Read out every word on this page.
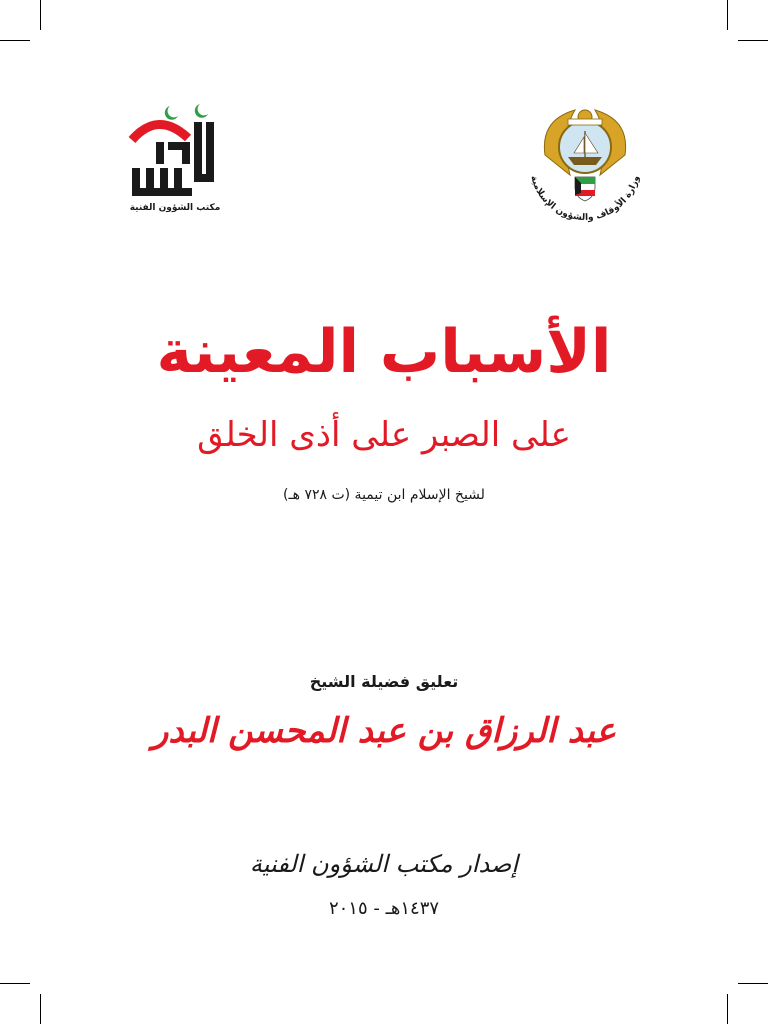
مكتب الشؤون الفنية
وزارة الأوقاف والشؤون الإسلامية
الأسباب المعينة
على الصبر على أذى الخلق
لشيخ الإسلام ابن تيمية (ت ٧٢٨ هـ)
تعليق فضيلة الشيخ
عبد الرزاق بن عبد المحسن البدر
إصدار مكتب الشؤون الفنية
١٤٣٧هـ - ٢٠١٥
